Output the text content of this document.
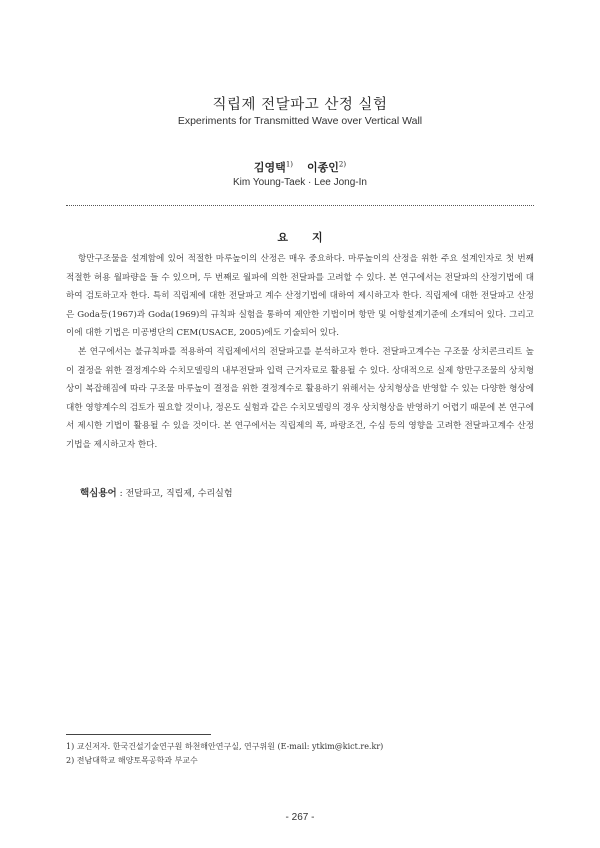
직립제 전달파고 산정 실험
Experiments for Transmitted Wave over Vertical Wall
김영택$^{1)}$ 이종인$^{2)}$
Kim Young-Taek · Lee Jong-In
요지

항만구조물을 설계함에 있어 적절한 마루높이의 산정은 매우 중요하다. 마루높이의 산정을 위한 주요 설계인자로 첫 번째 적절한 허용 월파량을 들 수 있으며, 두 번째로 월파에 의한 전달파를 고려할 수 있다. 본 연구에서는 전달파의 산정기법에 대하여 검토하고자 한다. 특히 직립제에 대한 전달파고 계수 산정기법에 대하여 제시하고자 한다. 직립제에 대한 전달파고 산정은 Goda등(1967)과 Goda(1969)의 규칙파 실험을 통하여 제안한 기법이며 항만 및 어항설계기준에 소개되어 있다. 그리고 이에 대한 기법은 미공병단의 CEM(USACE, 2005)에도 기술되어 있다.

본 연구에서는 불규칙파를 적용하여 직립제에서의 전달파고를 분석하고자 한다. 전달파고계수는 구조물 상치콘크리트 높이 결정을 위한 결정계수와 수치모델링의 내부전달파 입력 근거자료로 활용될 수 있다. 상대적으로 실제 항만구조물의 상치형상이 복잡해짐에 따라 구조물 마루높이 결정을 위한 결정계수로 활용하기 위해서는 상치형상을 반영할 수 있는 다양한 형상에 대한 영향계수의 검토가 필요할 것이나, 정온도 실험과 같은 수치모델링의 경우 상치형상을 반영하기 어렵기 때문에 본 연구에서 제시한 기법이 활용될 수 있을 것이다. 본 연구에서는 직립제의 폭, 파랑조건, 수심 등의 영향을 고려한 전달파고계수 산정기법을 제시하고자 한다.

핵심용어 : 전달파고, 직립제, 수리실험
1) 교신저자. 한국건설기술연구원 하천해안연구실, 연구위원 (E-mail: ytkim@kict.re.kr)
2) 전남대학교 해양토목공학과 부교수
- 267 -
